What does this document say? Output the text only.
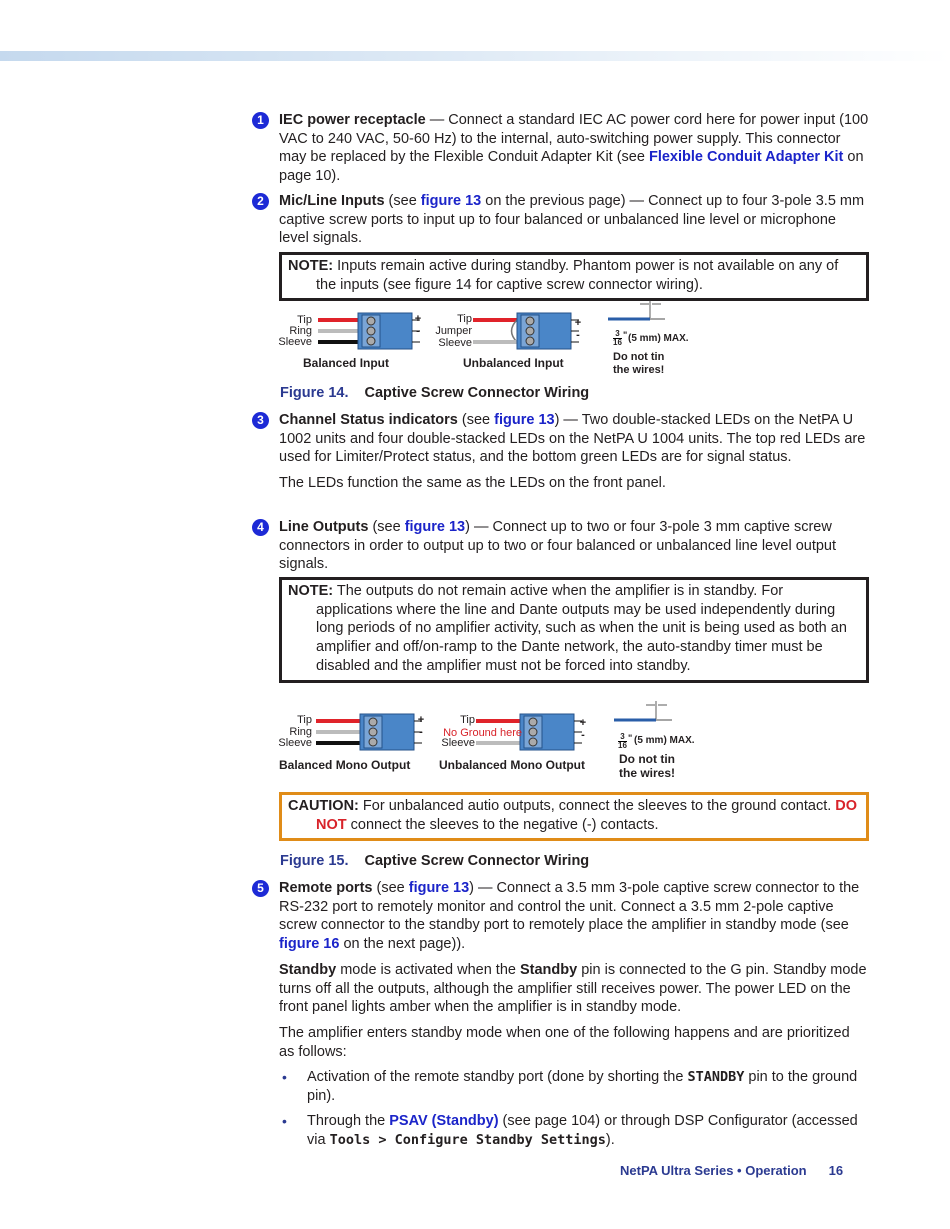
1	IEC power receptacle — Connect a standard IEC AC power cord here for power input (100 VAC to 240 VAC, 50-60 Hz) to the internal, auto-switching power supply. This connector may be replaced by the Flexible Conduit Adapter Kit (see Flexible Conduit Adapter Kit on page 10).
2	Mic/Line Inputs (see figure 13 on the previous page) — Connect up to four 3-pole 3.5 mm captive screw ports to input up to four balanced or unbalanced line level or microphone level signals.
NOTE: Inputs remain active during standby. Phantom power is not available on any of the inputs (see figure 14 for captive screw connector wiring).
Tip
Ring
Sleeve
+
-
Tip
Jumper
Sleeve
+
-	3
16
" (5 mm) MAX.
Balanced Input	Unbalanced Input	Do not tin
the wires!
Figure 14. Captive Screw Connector Wiring
3	Channel Status indicators (see figure 13) — Two double-stacked LEDs on the NetPA U 1002 units and four double-stacked LEDs on the NetPA U 1004 units. The top red LEDs are used for Limiter/Protect status, and the bottom green LEDs are for signal status.

The LEDs function the same as the LEDs on the front panel.

4	Line Outputs (see figure 13) — Connect up to two or four 3-pole 3 mm captive screw connectors in order to output up to two or four balanced or unbalanced line level output signals.
NOTE: The outputs do not remain active when the amplifier is in standby. For applications where the line and Dante outputs may be used independently during long periods of no amplifier activity, such as when the unit is being used as both an amplifier and off/on-ramp to the Dante network, the auto-standby timer must be disabled and the amplifier must not be forced into standby.
Tip
Ring
Sleeve
+
-
Tip
No Ground here
Sleeve
+
-	3
16
" (5 mm) MAX.
Balanced Mono Output Unbalanced Mono Output	Do not tin
the wires!
CAUTION: For unbalanced autio outputs, connect the sleeves to the ground contact. DO NOT connect the sleeves to the negative (-) contacts.
Figure 15. Captive Screw Connector Wiring
5	Remote ports (see figure 13) — Connect a 3.5 mm 3-pole captive screw connector to the RS-232 port to remotely monitor and control the unit. Connect a 3.5 mm 2-pole captive screw connector to the standby port to remotely place the amplifier in standby mode (see figure 16 on the next page)).
Standby mode is activated when the Standby pin is connected to the G pin. Standby mode turns off all the outputs, although the amplifier still receives power. The power LED on the front panel lights amber when the amplifier is in standby mode.
The amplifier enters standby mode when one of the following happens and are prioritized as follows:
• Activation of the remote standby port (done by shorting the STANDBY pin to the ground pin).
• Through the PSAV (Standby) (see page 104) or through DSP Configurator (accessed via Tools > Configure Standby Settings).
NetPA Ultra Series • Operation 16
